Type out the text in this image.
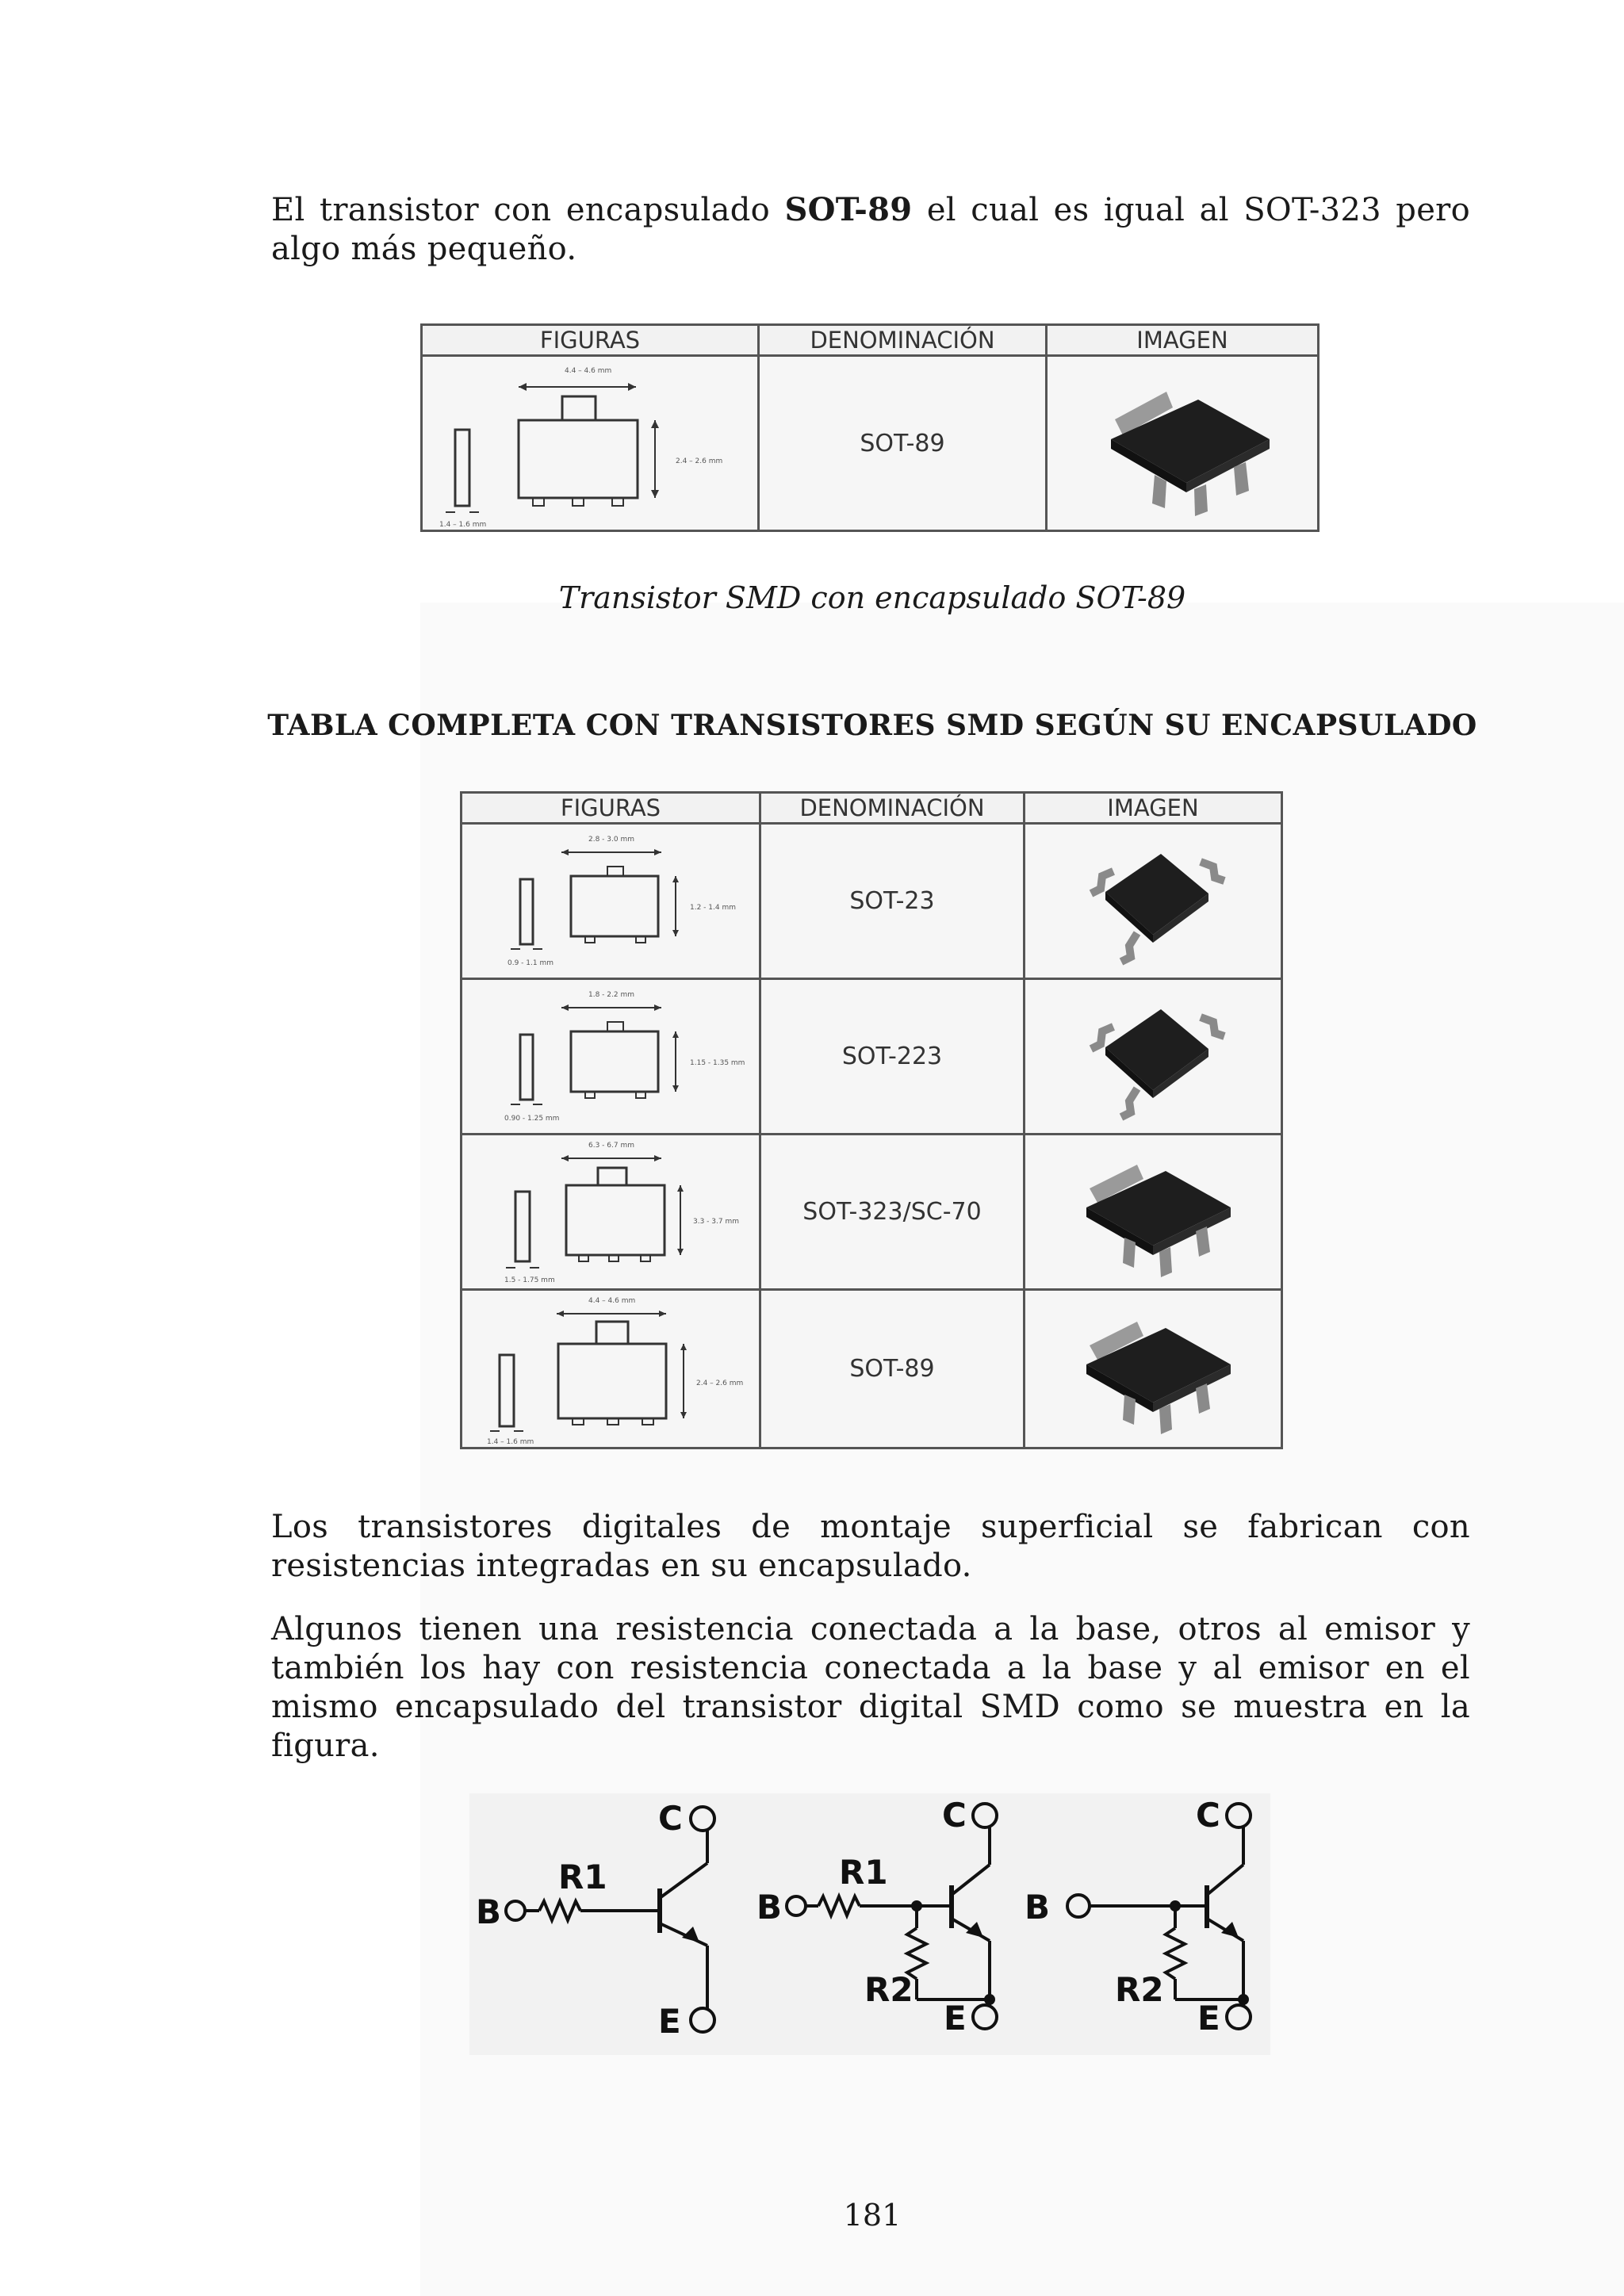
El transistor con encapsulado SOT-89 el cual es igual al SOT-323 pero algo más pequeño.

FIGURAS	DENOMINACIÓN	IMAGEN

4.4 – 4.6 mm
2.4 – 2.6 mm
1.4 – 1.6 mm	SOT-89	
Transistor SMD con encapsulado SOT-89
TABLA COMPLETA CON TRANSISTORES SMD SEGÚN SU ENCAPSULADO
FIGURAS	DENOMINACIÓN	IMAGEN

2.8 - 3.0 mm
1.2 - 1.4 mm
0.9 - 1.1 mm	SOT-23	

1.8 - 2.2 mm
1.15 - 1.35 mm
0.90 - 1.25 mm	SOT-223	

6.3 - 6.7 mm
3.3 - 3.7 mm
1.5 - 1.75 mm	SOT-323/SC-70	

4.4 – 4.6 mm
2.4 – 2.6 mm
1.4 – 1.6 mm	SOT-89	

Los transistores digitales de montaje superficial se fabrican con resistencias integradas en su encapsulado.

Algunos tienen una resistencia conectada a la base, otros al emisor y también los hay con resistencia conectada a la base y al emisor en el mismo encapsulado del transistor digital SMD como se muestra en la figura.

B
R1
C
E
B
R1
R2
C
E
B
R2
C
E
181
